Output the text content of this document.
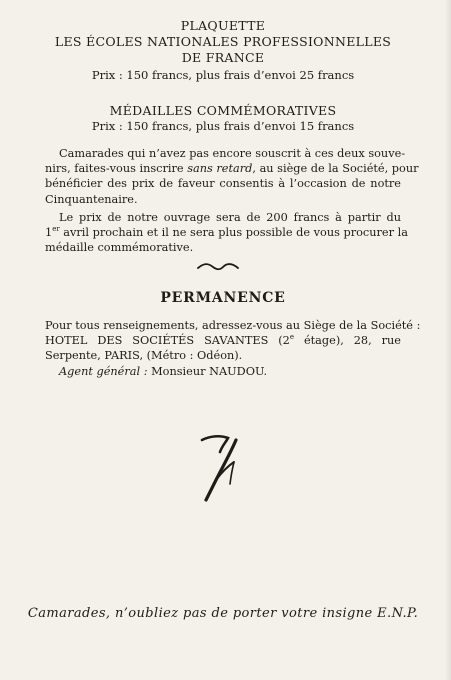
PLAQUETTE

LES ÉCOLES NATIONALES PROFESSIONNELLES

DE FRANCE

Prix : 150 francs, plus frais d’envoi 25 francs

MÉDAILLES COMMÉMORATIVES

Prix : 150 francs, plus frais d’envoi 15 francs

Camarades qui n’avez pas encore souscrit à ces deux souve-
nirs, faites-vous inscrire sans retard, au siège de la Société, pour
bénéficier des prix de faveur consentis à l’occasion de notre
Cinquantenaire.
Le prix de notre ouvrage sera de 200 francs à partir du
1er avril prochain et il ne sera plus possible de vous procurer la
médaille commémorative.

PERMANENCE

Pour tous renseignements, adressez-vous au Siège de la Société :
HOTEL DES SOCIÉTÉS SAVANTES (2e étage), 28, rue
Serpente, PARIS, (Métro : Odéon).
Agent général : Monsieur NAUDOU.

Camarades, n’oubliez pas de porter votre insigne E.N.P.
